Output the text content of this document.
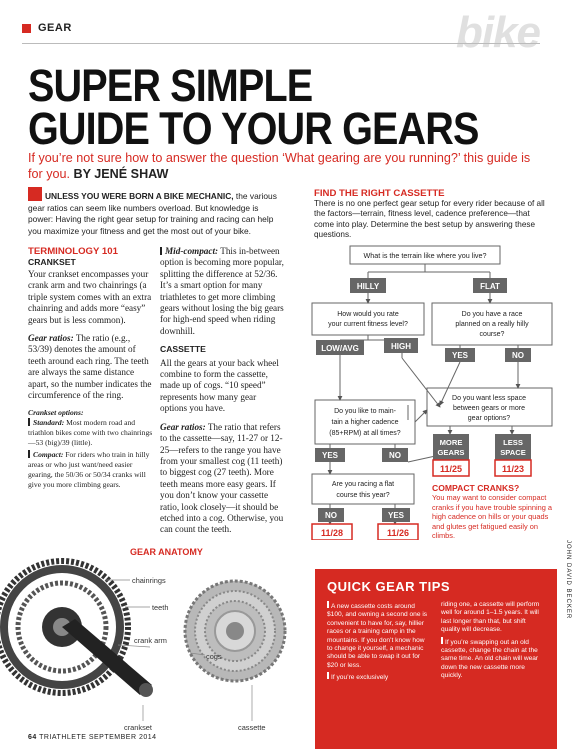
GEAR	bike
SUPER SIMPLE
GUIDE TO YOUR GEARS
If you’re not sure how to answer the question ‘What gearing are you running?’ this guide is for you. BY JENÉ SHAW
UNLESS YOU WERE BORN A BIKE MECHANIC, the various gear ratios can seem like numbers overload. But knowledge is power: Having the right gear setup for training and racing can help you maximize your fitness and get the most out of your bike.
TERMINOLOGY 101
CRANKSET

Your crankset encompasses your crank arm and two chainrings (a triple system comes with an extra chainring and adds more “easy” gears but is less common).

Gear ratios: The ratio (e.g., 53/39) denotes the amount of teeth around each ring. The teeth are always the same distance apart, so the number indicates the circumference of the ring.

Crankset options:

Standard: Most modern road and triathlon bikes come with two chainrings—53 (big)/39 (little).

Compact: For riders who train in hilly areas or who just want/need easier gearing, the 50/36 or 50/34 cranks will give you more climbing gears.

Mid-compact: This in-between option is becoming more popular, splitting the difference at 52/36. It’s a smart option for many triathletes to get more climbing gears without losing the big gears for high-end speed when riding downhill.

CASSETTE

All the gears at your back wheel combine to form the cassette, made up of cogs. “10 speed” represents how many gear options you have.

Gear ratios: The ratio that refers to the cassette—say, 11-27 or 12-25—refers to the range you have from your smallest cog (11 teeth) to biggest cog (27 teeth). More teeth means more easy gears. If you don’t know your cassette ratio, look closely—it should be etched into a cog. Otherwise, you can count the teeth.

FIND THE RIGHT CASSETTE
There is no one perfect gear setup for every rider because of all the factors—terrain, fitness level, cadence preference—that come into play. Determine the best setup by answering these questions.
What is the terrain like where you live?
HILLY	FLAT
How would you rate
your current fitness level?
Do you have a race
planned on a really hilly
course?
LOW/AVG	HIGH
YES	NO
Do you like to main-
tain a higher cadence
(85+RPM) at all times?
Do you want less space
between gears or more
gear options?
YES	NO
MORE
GEARS
LESS
SPACE
Are you racing a flat
course this year?
11/25	11/23
NO	YES
11/28	11/26
COMPACT CRANKS?
You may want to consider compact cranks if you have trouble spinning a high cadence on hills or your quads and glutes get fatigued easily on climbs.
GEAR ANATOMY
chainrings
teeth
crank arm
cogs
crankset	cassette
QUICK GEAR TIPS

A new cassette costs around $100, and owning a second one is convenient to have for, say, hillier races or a training camp in the mountains. If you don’t know how to change it yourself, a mechanic should be able to swap it out for $20 or less.

If you’re exclusively

riding one, a cassette will perform well for around 1–1.5 years. It will last longer than that, but shift quality will decrease.

If you’re swapping out an old cassette, change the chain at the same time. An old chain will wear down the new cassette more quickly.

JOHN DAVID BECKER
64 TRIATHLETE SEPTEMBER 2014
